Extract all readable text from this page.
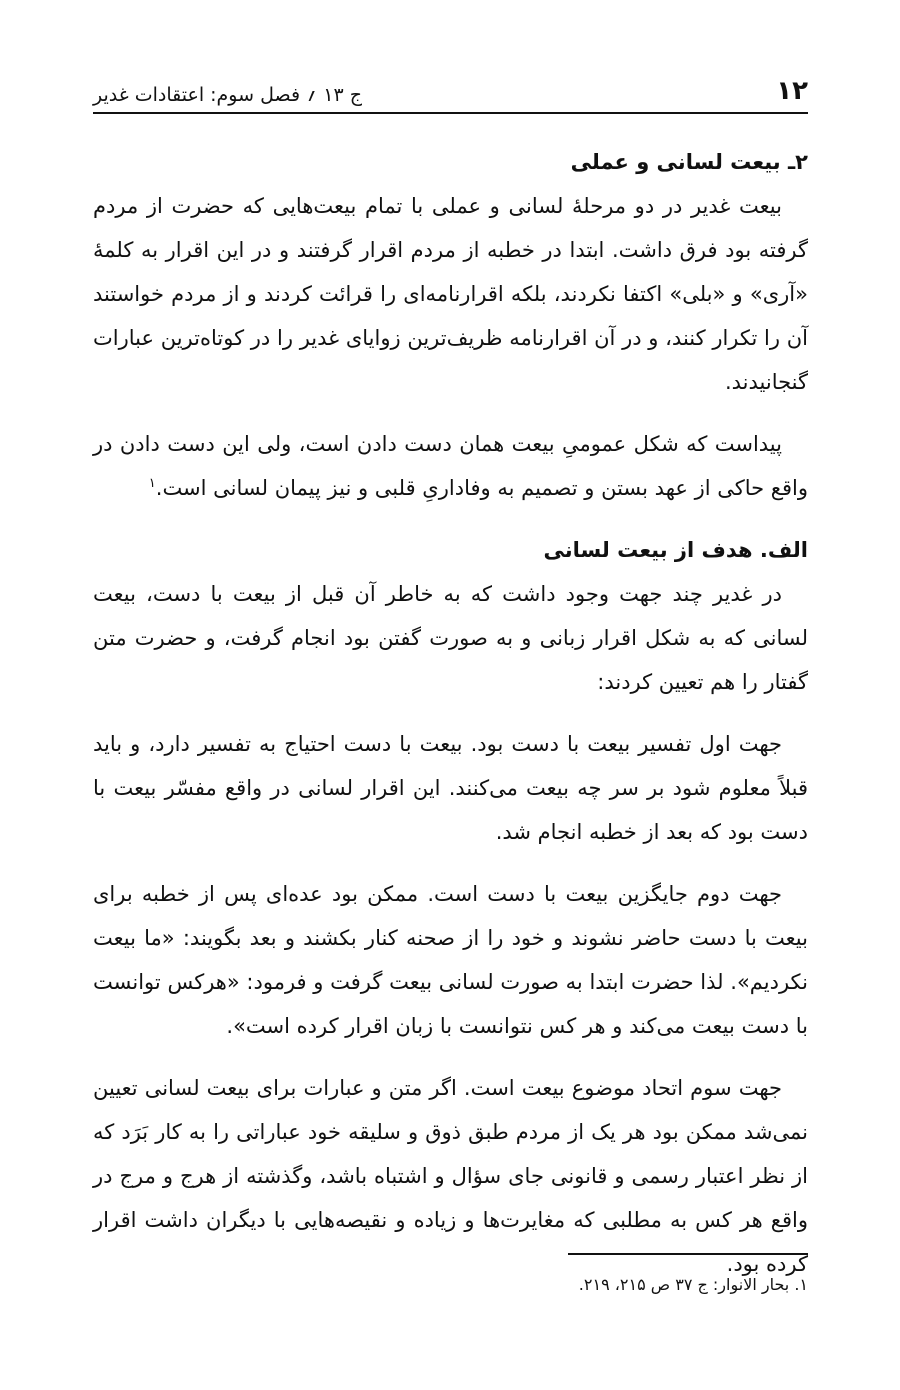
۱۲
ج ۱۳ ؍ فصل سوم: اعتقادات غدیر
۲ـ بیعت لسانی و عملی

بیعت غدیر در دو مرحلهٔ لسانی و عملی با تمام بیعت‌هایی که حضرت از مردم گرفته بود فرق داشت. ابتدا در خطبه از مردم اقرار گرفتند و در این اقرار به کلمهٔ «آری» و «بلی» اکتفا نکردند، بلکه اقرارنامه‌ای را قرائت کردند و از مردم خواستند آن را تکرار کنند، و در آن اقرارنامه ظریف‌ترین زوایای غدیر را در کوتاه‌ترین عبارات گنجانیدند.

پیداست که شکل عمومیِ بیعت همان دست دادن است، ولی این دست دادن در واقع حاکی از عهد بستن و تصمیم به وفاداریِ قلبی و نیز پیمان لسانی است.$^۱$

الف. هدف از بیعت لسانی

در غدیر چند جهت وجود داشت که به خاطر آن قبل از بیعت با دست، بیعت لسانی که به شکل اقرار زبانی و به صورت گفتن بود انجام گرفت، و حضرت متن گفتار را هم تعیین کردند:

جهت اول تفسیر بیعت با دست بود. بیعت با دست احتیاج به تفسیر دارد، و باید قبلاً معلوم شود بر سر چه بیعت می‌کنند. این اقرار لسانی در واقع مفسّر بیعت با دست بود که بعد از خطبه انجام شد.

جهت دوم جایگزین بیعت با دست است. ممکن بود عده‌ای پس از خطبه برای بیعت با دست حاضر نشوند و خود را از صحنه کنار بکشند و بعد بگویند: «ما بیعت نکردیم». لذا حضرت ابتدا به صورت لسانی بیعت گرفت و فرمود: «هرکس توانست با دست بیعت می‌کند و هر کس نتوانست با زبان اقرار کرده است».

جهت سوم اتحاد موضوع بیعت است. اگر متن و عبارات برای بیعت لسانی تعیین نمی‌شد ممکن بود هر یک از مردم طبق ذوق و سلیقه خود عباراتی را به کار بَرَد که از نظر اعتبار رسمی و قانونی جای سؤال و اشتباه باشد، وگذشته از هرج و مرج در واقع هر کس به مطلبی که مغایرت‌ها و زیاده و نقیصه‌هایی با دیگران داشت اقرار کرده بود.

۱. بحار الانوار: ج ۳۷ ص ۲۱۵، ۲۱۹.
